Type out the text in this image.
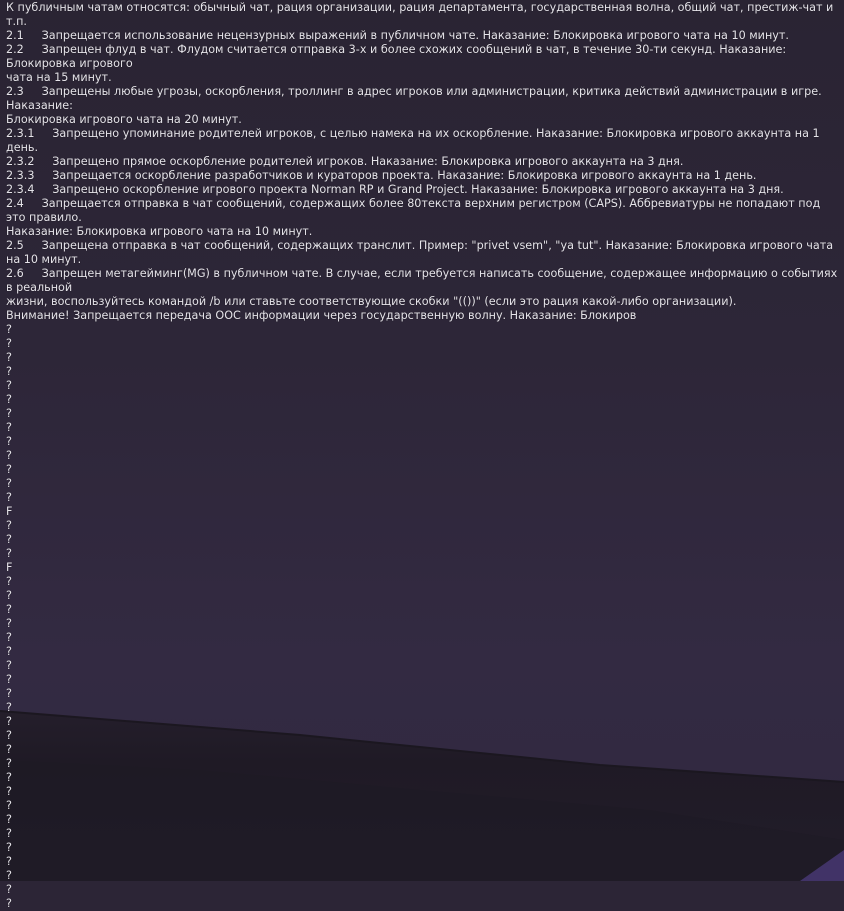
К публичным чатам относятся: обычный чат, рация организации, рация департамента, государственная волна, общий чат, престиж-чат и т.п.
2.1     Запрещается использование нецензурных выражений в публичном чате. Наказание: Блокировка игрового чата на 10 минут.
2.2     Запрещен флуд в чат. Флудом считается отправка 3-х и более схожих сообщений в чат, в течение 30-ти секунд. Наказание: Блокировка игрового
чата на 15 минут.
2.3     Запрещены любые угрозы, оскорбления, троллинг в адрес игроков или администрации, критика действий администрации в игре. Наказание:
Блокировка игрового чата на 20 минут.
2.3.1     Запрещено упоминание родителей игроков, с целью намека на их оскорбление. Наказание: Блокировка игрового аккаунта на 1 день.
2.3.2     Запрещено прямое оскорбление родителей игроков. Наказание: Блокировка игрового аккаунта на 3 дня.
2.3.3     Запрещается оскорбление разработчиков и кураторов проекта. Наказание: Блокировка игрового аккаунта на 1 день.
2.3.4     Запрещено оскорбление игрового проекта Norman RP и Grand Project. Наказание: Блокировка игрового аккаунта на 3 дня.
2.4     Запрещается отправка в чат сообщений, содержащих более 80текста верхним регистром (CAPS). Аббревиатуры не попадают под это правило.
Наказание: Блокировка игрового чата на 10 минут.
2.5     Запрещена отправка в чат сообщений, содержащих транслит. Пример: "privet vsem", "ya tut". Наказание: Блокировка игрового чата на 10 минут.
2.6     Запрещен метагейминг(MG) в публичном чате. В случае, если требуется написать сообщение, содержащее информацию о событиях в реальной
жизни, воспользуйтесь командой /b или ставьте соответствующие скобки "(())" (если это рация какой-либо организации).
Внимание! Запрещается передача ООС информации через государственную волну. Наказание: Блокиров
?
?
?
?
?
?
?
?
?
?
?
?
?
F
?
?
?
F
?
?
?
?
?
?
?
?
?
?
?
?
?
?
?
?
?
?
?
?
?
?
?
?
